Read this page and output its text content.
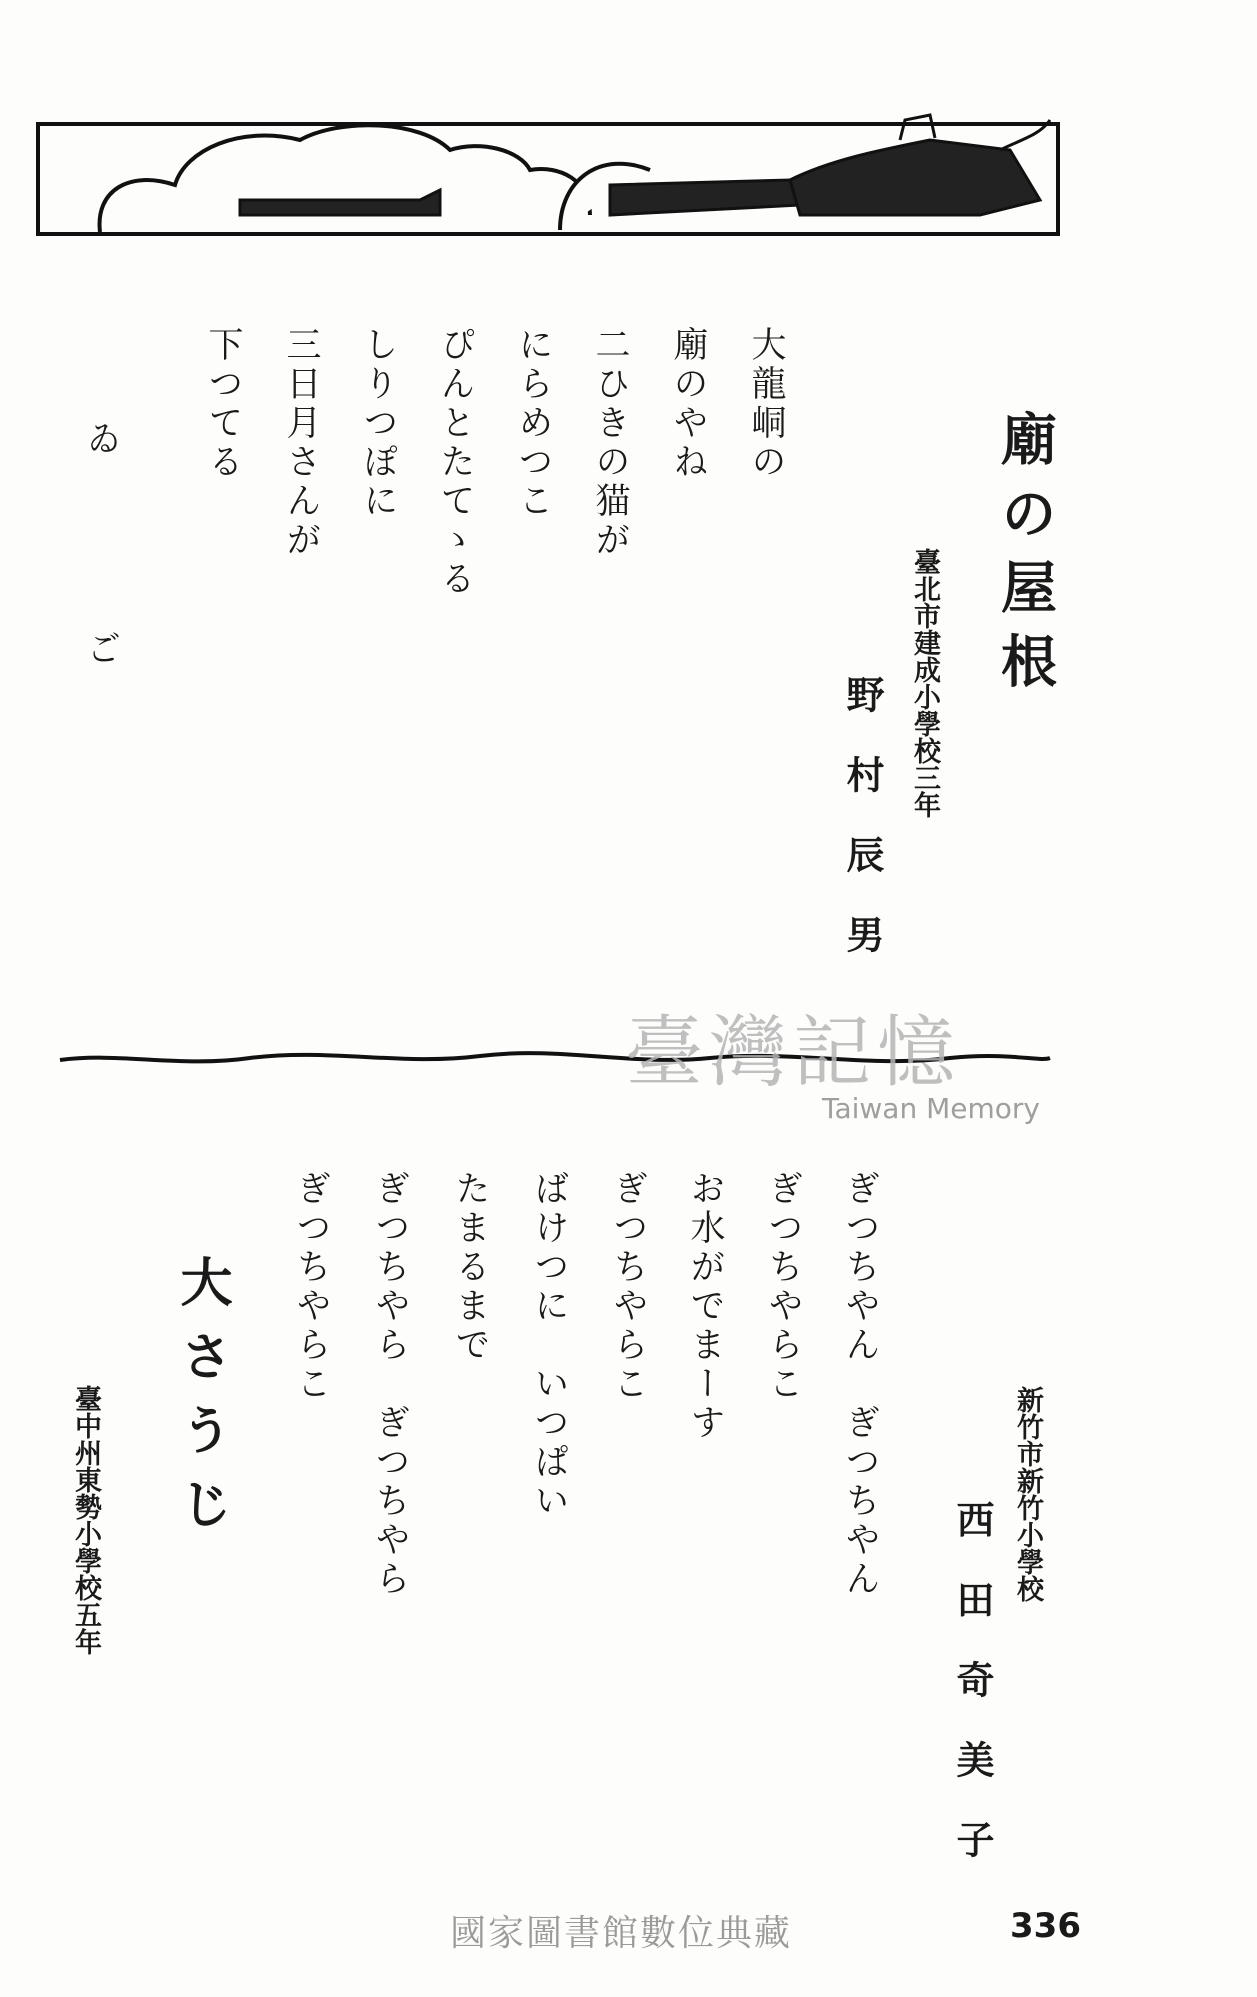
廟の屋根
臺北市建成小學校三年
野村辰男
大龍峒の
廟のやね
二ひきの猫が
にらめつこ
ぴんとたてゝる
しりつぽに
三日月さんが
下つてる
ゐ
ご
臺灣記憶
Taiwan Memory
新竹市新竹小學校
西田奇美子
ぎつちやん　ぎつちやん
ぎつちやらこ
お水がでまーす
ぎつちやらこ
ばけつに　いつぱい
たまるまで
ぎつちやら　ぎつちやら
ぎつちやらこ
大さうじ
臺中州東勢小學校五年
國家圖書館數位典藏	336
